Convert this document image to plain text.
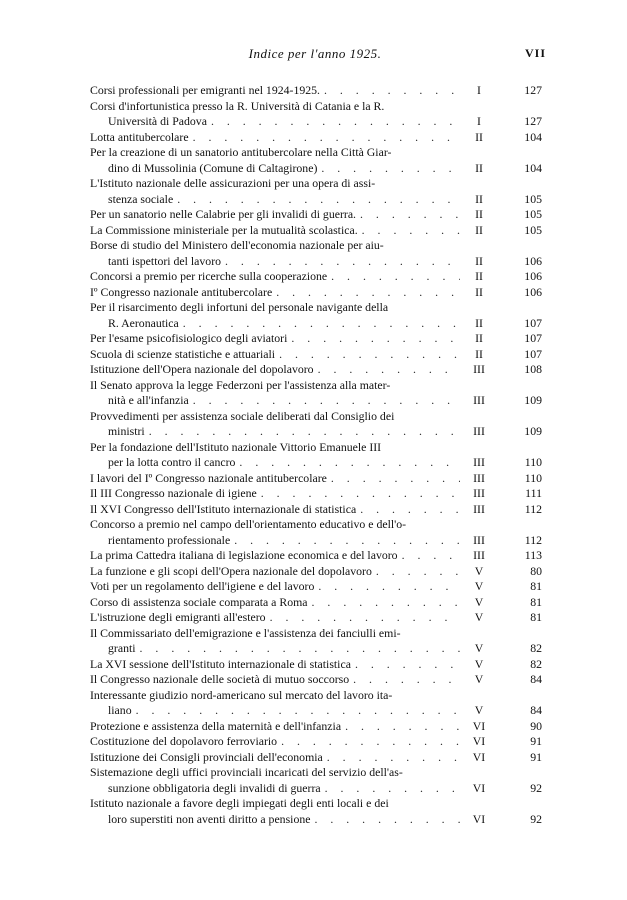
Indice per l'anno 1925.	VII
Corsi professionali per emigranti nel 1924-1925. . . .	I	127
Corsi d'infortunistica presso la R. Università di Catania e la R.
Università di Padova . . .	I	127
Lotta antitubercolare . . .	II	104
Per la creazione di un sanatorio antitubercolare nella Città Giar-
dino di Mussolinia (Comune di Caltagirone) . . .	II	104
L'Istituto nazionale delle assicurazioni per una opera di assi-
stenza sociale . . .	II	105
Per un sanatorio nelle Calabrie per gli invalidi di guerra. . . .	II	105
La Commissione ministeriale per la mutualità scolastica. . . .	II	105
Borse di studio del Ministero dell'economia nazionale per aiu-
tanti ispettori del lavoro . . .	II	106
Concorsi a premio per ricerche sulla cooperazione . . .	II	106
Iº Congresso nazionale antitubercolare . . .	II	106
Per il risarcimento degli infortuni del personale navigante della
R. Aeronautica . . .	II	107
Per l'esame psicofisiologico degli aviatori . . .	II	107
Scuola di scienze statistiche e attuariali . . .	II	107
Istituzione dell'Opera nazionale del dopolavoro . . .	III	108
Il Senato approva la legge Federzoni per l'assistenza alla mater-
nità e all'infanzia . . .	III	109
Provvedimenti per assistenza sociale deliberati dal Consiglio dei
ministri . . .	III	109
Per la fondazione dell'Istituto nazionale Vittorio Emanuele III
per la lotta contro il cancro . . .	III	110
I lavori del Iº Congresso nazionale antitubercolare . . .	III	110
Il III Congresso nazionale di igiene . . .	III	111
Il XVI Congresso dell'Istituto internazionale di statistica . . .	III	112
Concorso a premio nel campo dell'orientamento educativo e dell'o-
rientamento professionale . . .	III	112
La prima Cattedra italiana di legislazione economica e del lavoro . . .	III	113
La funzione e gli scopi dell'Opera nazionale del dopolavoro . . .	V	80
Voti per un regolamento dell'igiene e del lavoro . . .	V	81
Corso di assistenza sociale comparata a Roma . . .	V	81
L'istruzione degli emigranti all'estero . . .	V	81
Il Commissariato dell'emigrazione e l'assistenza dei fanciulli emi-
granti . . .	V	82
La XVI sessione dell'Istituto internazionale di statistica . . .	V	82
Il Congresso nazionale delle società di mutuo soccorso . . .	V	84
Interessante giudizio nord-americano sul mercato del lavoro ita-
liano . . .	V	84
Protezione e assistenza della maternità e dell'infanzia . . .	VI	90
Costituzione del dopolavoro ferroviario . . .	VI	91
Istituzione dei Consigli provinciali dell'economia . . .	VI	91
Sistemazione degli uffici provinciali incaricati del servizio dell'as-
sunzione obbligatoria degli invalidi di guerra . . .	VI	92
Istituto nazionale a favore degli impiegati degli enti locali e dei
loro superstiti non aventi diritto a pensione . . .	VI	92
